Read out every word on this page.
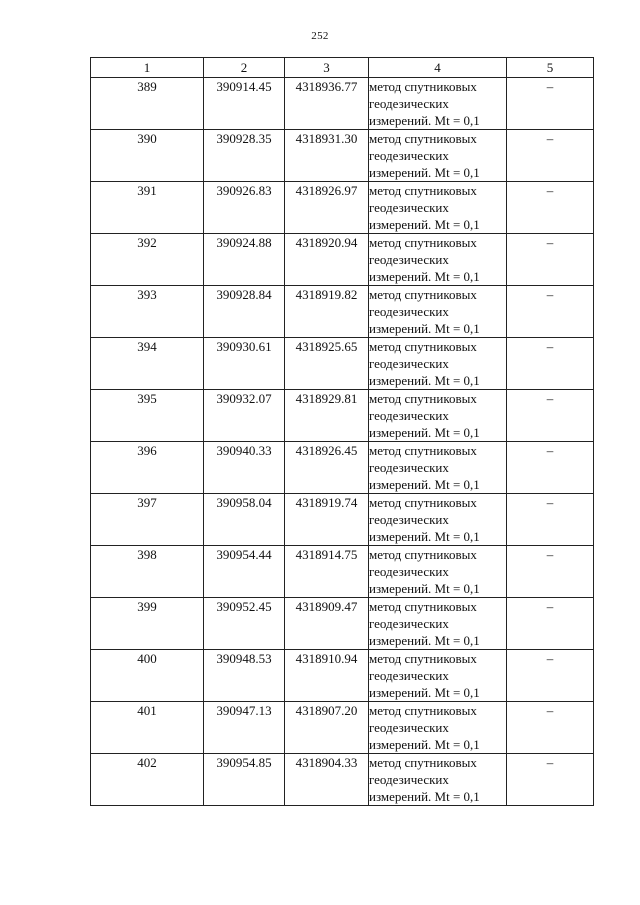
252
1	2	3	4	5
389	390914.45	4318936.77	метод спутниковых
геодезических
измерений. Mt = 0,1	–
390	390928.35	4318931.30	метод спутниковых
геодезических
измерений. Mt = 0,1	–
391	390926.83	4318926.97	метод спутниковых
геодезических
измерений. Mt = 0,1	–
392	390924.88	4318920.94	метод спутниковых
геодезических
измерений. Mt = 0,1	–
393	390928.84	4318919.82	метод спутниковых
геодезических
измерений. Mt = 0,1	–
394	390930.61	4318925.65	метод спутниковых
геодезических
измерений. Mt = 0,1	–
395	390932.07	4318929.81	метод спутниковых
геодезических
измерений. Mt = 0,1	–
396	390940.33	4318926.45	метод спутниковых
геодезических
измерений. Mt = 0,1	–
397	390958.04	4318919.74	метод спутниковых
геодезических
измерений. Mt = 0,1	–
398	390954.44	4318914.75	метод спутниковых
геодезических
измерений. Mt = 0,1	–
399	390952.45	4318909.47	метод спутниковых
геодезических
измерений. Mt = 0,1	–
400	390948.53	4318910.94	метод спутниковых
геодезических
измерений. Mt = 0,1	–
401	390947.13	4318907.20	метод спутниковых
геодезических
измерений. Mt = 0,1	–
402	390954.85	4318904.33	метод спутниковых
геодезических
измерений. Mt = 0,1	–
